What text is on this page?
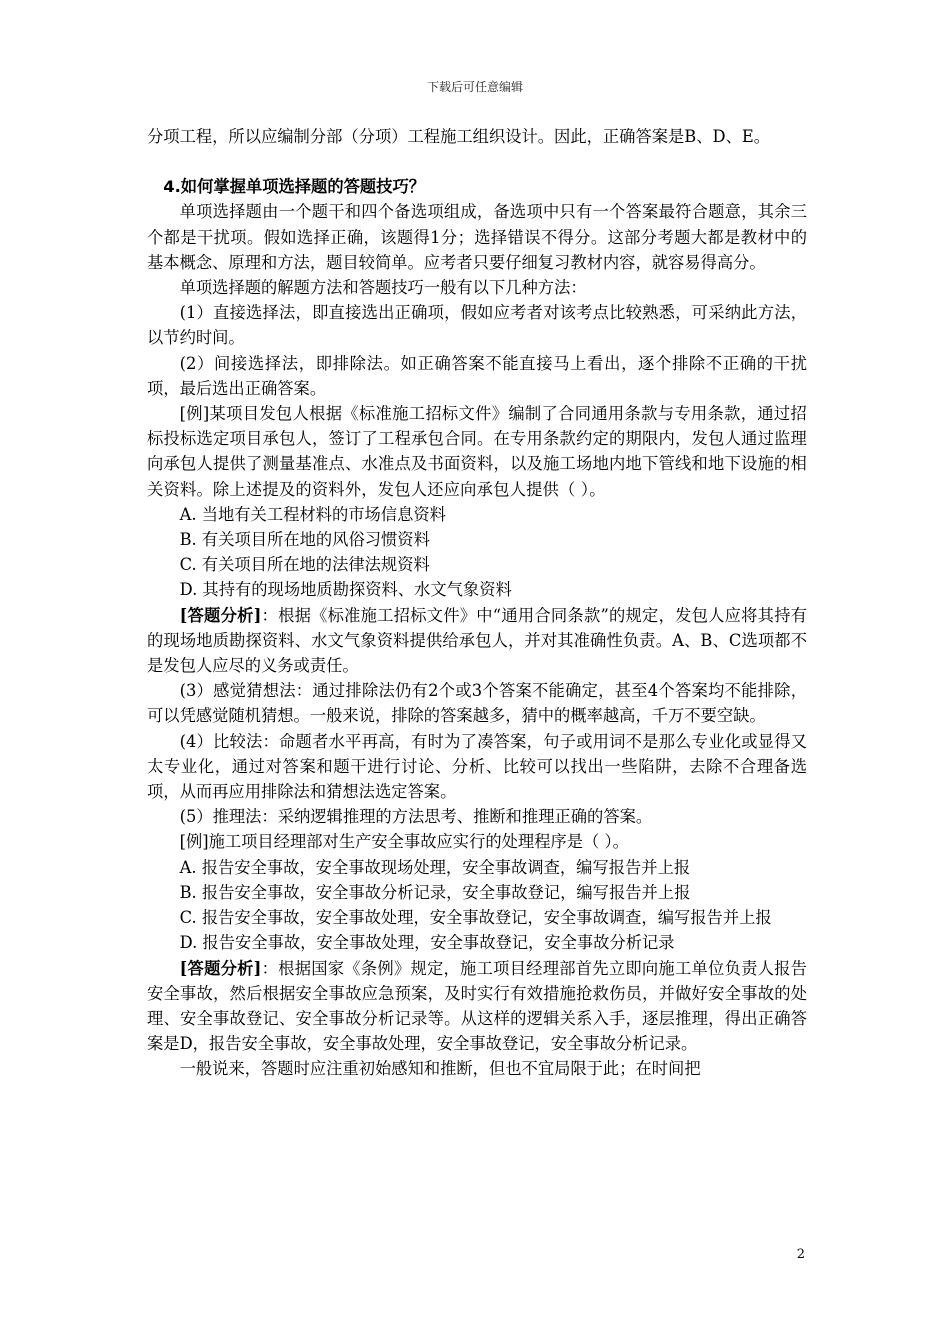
下载后可任意编辑

分项工程，所以应编制分部（分项）工程施工组织设计。因此，正确答案是B、D、E。

4.如何掌握单项选择题的答题技巧？

单项选择题由一个题干和四个备选项组成，备选项中只有一个答案最符合题意，其余三个都是干扰项。假如选择正确，该题得1分；选择错误不得分。这部分考题大都是教材中的基本概念、原理和方法，题目较简单。应考者只要仔细复习教材内容，就容易得高分。

单项选择题的解题方法和答题技巧一般有以下几种方法：

(1）直接选择法，即直接选出正确项，假如应考者对该考点比较熟悉，可采纳此方法，以节约时间。

(2）间接选择法，即排除法。如正确答案不能直接马上看出，逐个排除不正确的干扰项，最后选出正确答案。

[例]某项目发包人根据《标准施工招标文件》编制了合同通用条款与专用条款，通过招标投标选定项目承包人，签订了工程承包合同。在专用条款约定的期限内，发包人通过监理向承包人提供了测量基准点、水准点及书面资料，以及施工场地内地下管线和地下设施的相关资料。除上述提及的资料外，发包人还应向承包人提供（ ）。

A. 当地有关工程材料的市场信息资料

B. 有关项目所在地的风俗习惯资料

C. 有关项目所在地的法律法规资料

D. 其持有的现场地质勘探资料、水文气象资料

[答题分析]：根据《标准施工招标文件》中“通用合同条款”的规定，发包人应将其持有的现场地质勘探资料、水文气象资料提供给承包人，并对其准确性负责。A、B、C选项都不是发包人应尽的义务或责任。

(3）感觉猜想法：通过排除法仍有2个或3个答案不能确定，甚至4个答案均不能排除，可以凭感觉随机猜想。一般来说，排除的答案越多，猜中的概率越高，千万不要空缺。

(4）比较法：命题者水平再高，有时为了凑答案，句子或用词不是那么专业化或显得又太专业化，通过对答案和题干进行讨论、分析、比较可以找出一些陷阱，去除不合理备选项，从而再应用排除法和猜想法选定答案。

(5）推理法：采纳逻辑推理的方法思考、推断和推理正确的答案。

[例]施工项目经理部对生产安全事故应实行的处理程序是（ ）。

A. 报告安全事故，安全事故现场处理，安全事故调查，编写报告并上报

B. 报告安全事故，安全事故分析记录，安全事故登记，编写报告并上报

C. 报告安全事故，安全事故处理，安全事故登记，安全事故调查，编写报告并上报

D. 报告安全事故，安全事故处理，安全事故登记，安全事故分析记录

[答题分析]：根据国家《条例》规定，施工项目经理部首先立即向施工单位负责人报告安全事故，然后根据安全事故应急预案，及时实行有效措施抢救伤员，并做好安全事故的处理、安全事故登记、安全事故分析记录等。从这样的逻辑关系入手，逐层推理，得出正确答案是D，报告安全事故，安全事故处理，安全事故登记，安全事故分析记录。

一般说来，答题时应注重初始感知和推断，但也不宜局限于此；在时间把

2
